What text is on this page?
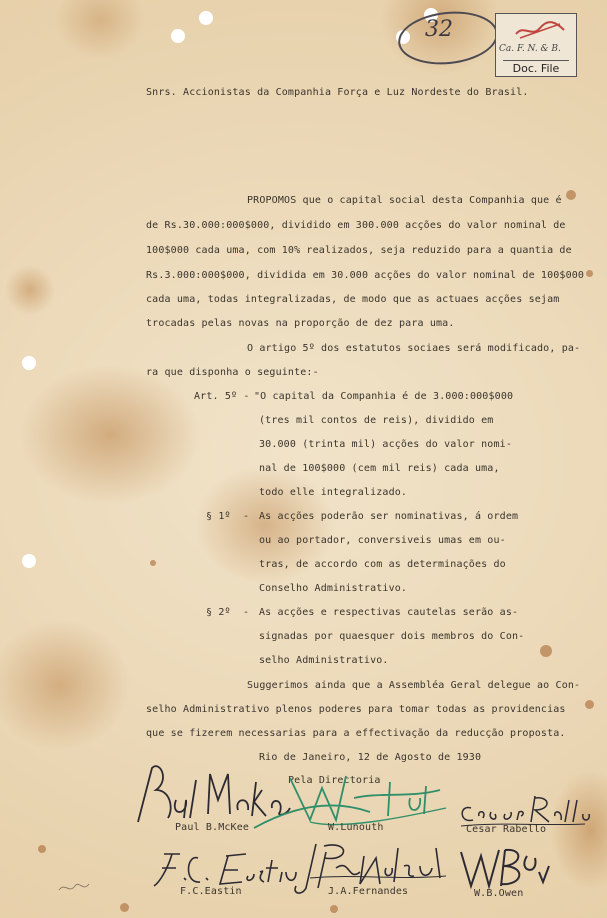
32
Ca. F. N. & B.
Doc. File
Snrs. Accionistas da Companhia Força e Luz Nordeste do Brasil.
PROPOMOS que o capital social desta Companhia que é
de Rs.30.000:000$000, dividido em 300.000 acções do valor nominal de
100$000 cada uma, com 10% realizados, seja reduzido para a quantia de
Rs.3.000:000$000, dividida em 30.000 acções do valor nominal de 100$000
cada uma, todas integralizadas, de modo que as actuaes acções sejam
trocadas pelas novas na proporção de dez para uma.
O artigo 5º dos estatutos sociaes será modificado, pa-
ra que disponha o seguinte:-
Art. 5º -
"O capital da Companhia é de 3.000:000$000
(tres mil contos de reis), dividido em
30.000 (trinta mil) acções do valor nomi-
nal de 100$000 (cem mil reis) cada uma,
todo elle integralizado.
§ 1º  - As acções poderão ser nominativas, á ordem
ou ao portador, conversiveis umas em ou-
tras, de accordo com as determinações do
Conselho Administrativo.
§ 2º  - As acções e respectivas cautelas serão as-
signadas por quaesquer dois membros do Con-
selho Administrativo.
Suggerimos ainda que a Assembléa Geral delegue ao Con-
selho Administrativo plenos poderes para tomar todas as providencias
que se fizerem necessarias para a effectivação da reducção proposta.
Rio de Janeiro, 12 de Agosto de 1930
Pela Directoria
Paul B.McKee	W.Lunouth	Cesar Rabello
F.C.Eastin	J.A.Fernandes	W.B.Owen
